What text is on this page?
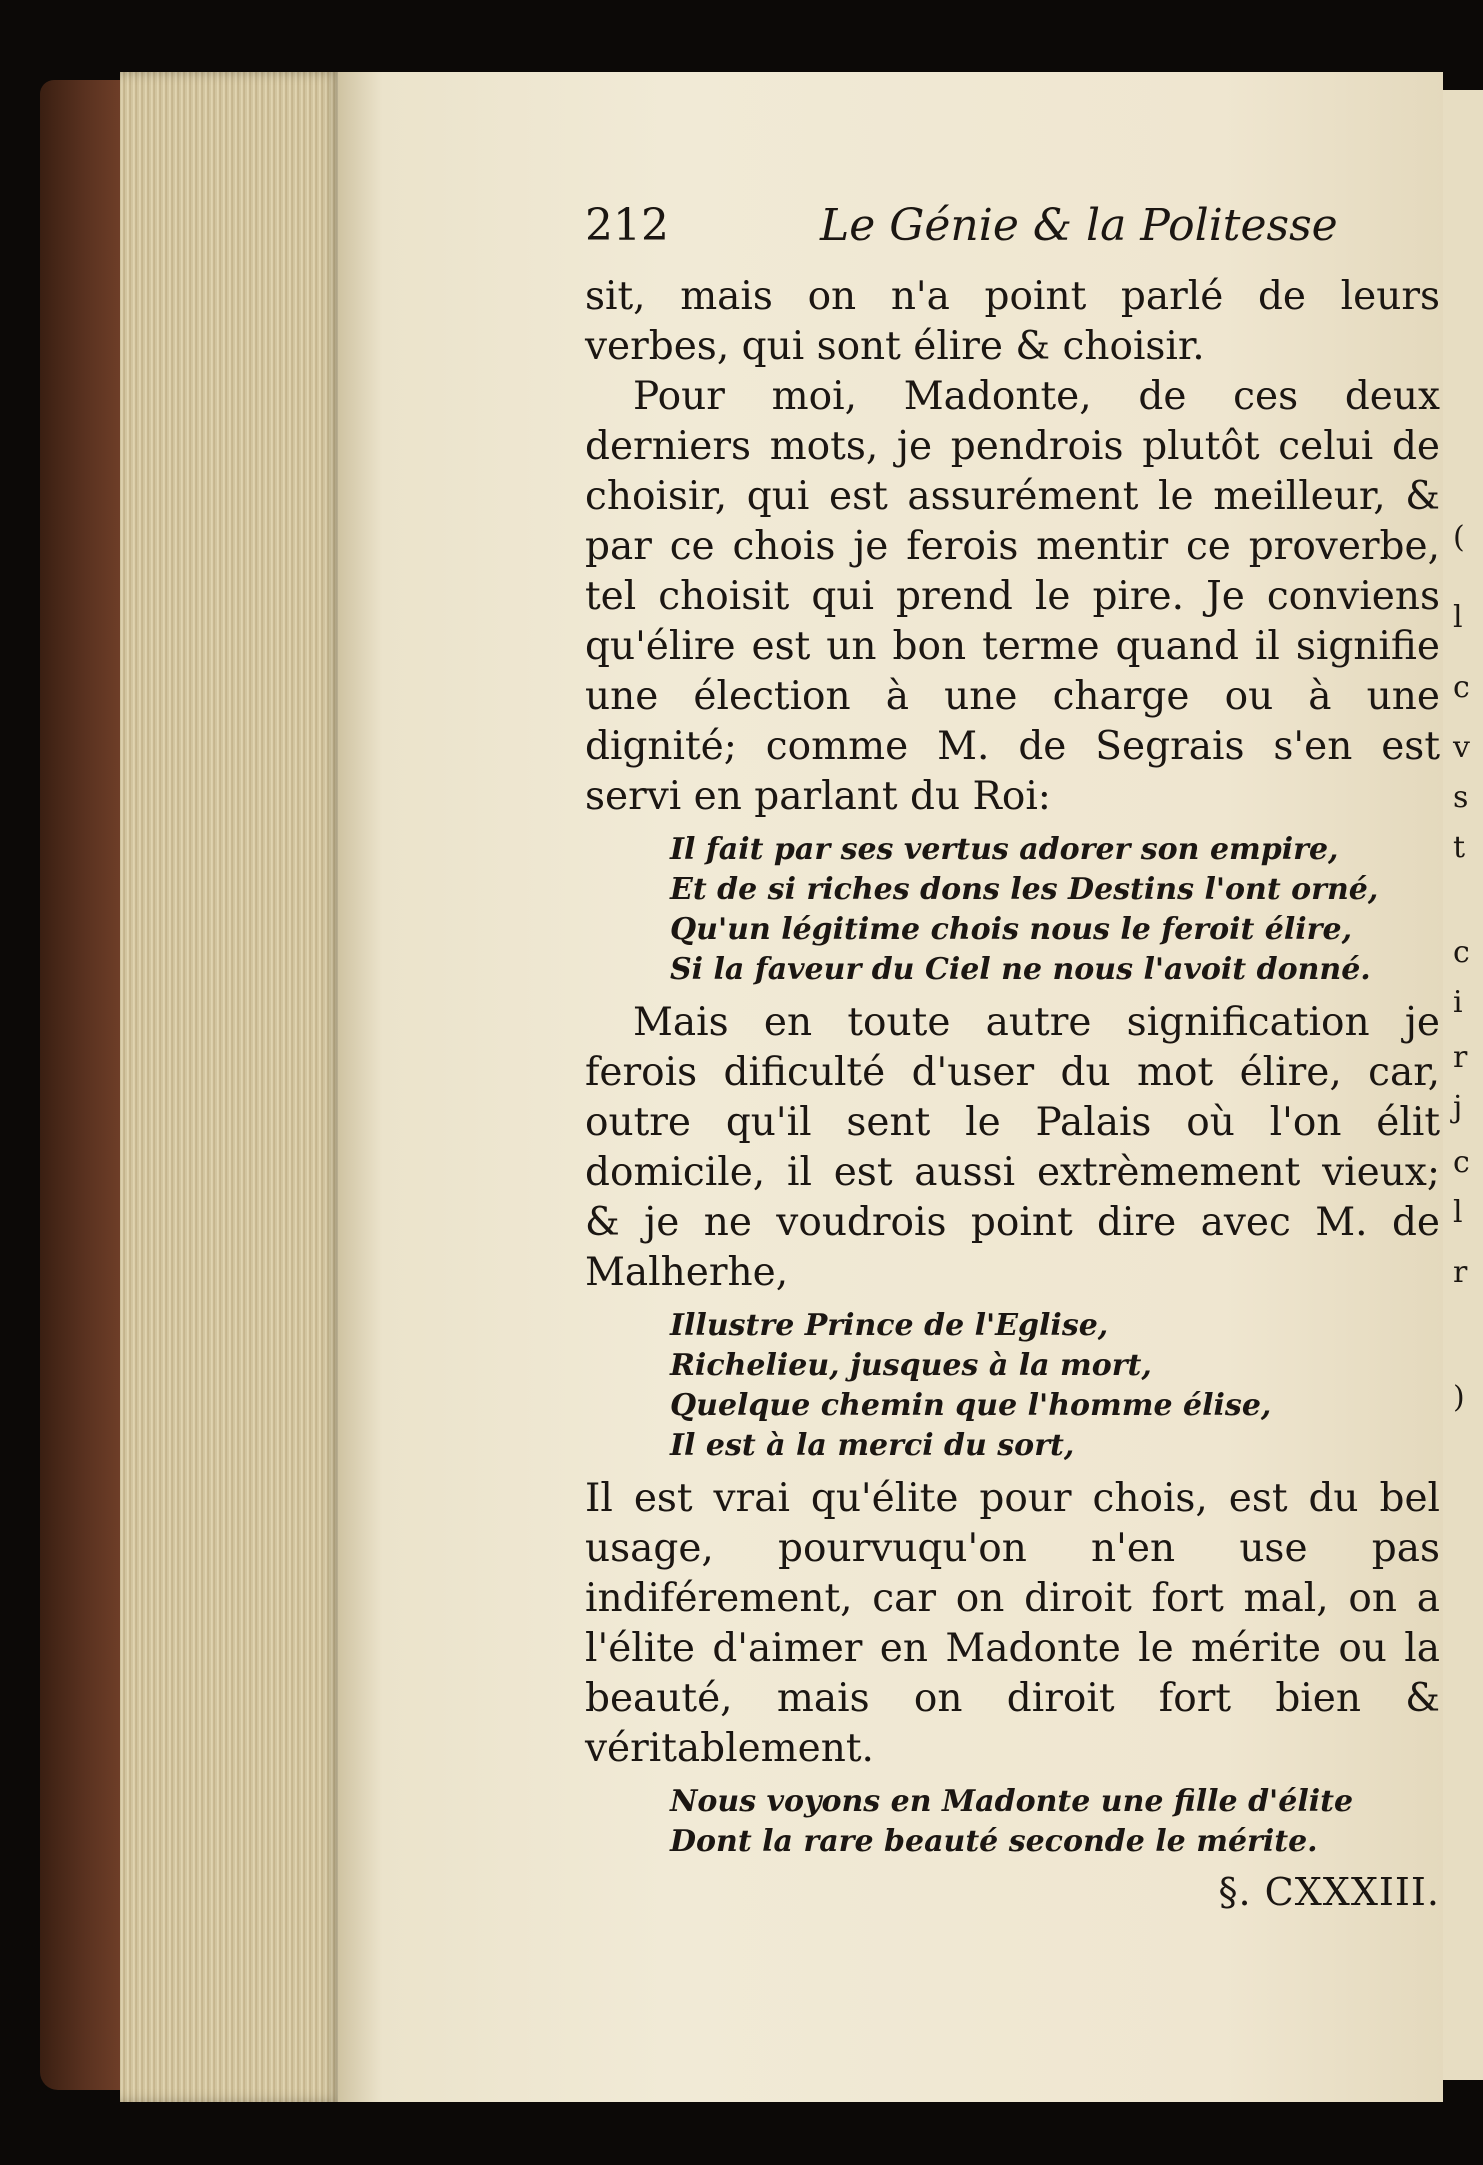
(
l
c
v
s
t
c
i
r
j
c
l
r
)
212	Le Génie & la Politesse

sit, mais on n'a point parlé de leurs verbes, qui sont élire & choisir.

Pour moi, Madonte, de ces deux derniers mots, je pendrois plutôt celui de choisir, qui est assurément le meilleur, & par ce chois je ferois mentir ce proverbe, tel choisit qui prend le pire. Je conviens qu'élire est un bon terme quand il signifie une élection à une charge ou à une dignité; comme M. de Segrais s'en est servi en parlant du Roi:

Il fait par ses vertus adorer son empire,
Et de si riches dons les Destins l'ont orné,
Qu'un légitime chois nous le feroit élire,
Si la faveur du Ciel ne nous l'avoit donné.

Mais en toute autre signification je ferois dificulté d'user du mot élire, car, outre qu'il sent le Palais où l'on élit domicile, il est aussi extrèmement vieux; & je ne voudrois point dire avec M. de Malherhe,

Illustre Prince de l'Eglise,
Richelieu, jusques à la mort,
Quelque chemin que l'homme élise,
Il est à la merci du sort,

Il est vrai qu'élite pour chois, est du bel usage, pourvuqu'on n'en use pas indiférement, car on diroit fort mal, on a l'élite d'aimer en Madonte le mérite ou la beauté, mais on diroit fort bien & véritablement.

Nous voyons en Madonte une fille d'élite
Dont la rare beauté seconde le mérite.
§. CXXXIII.
